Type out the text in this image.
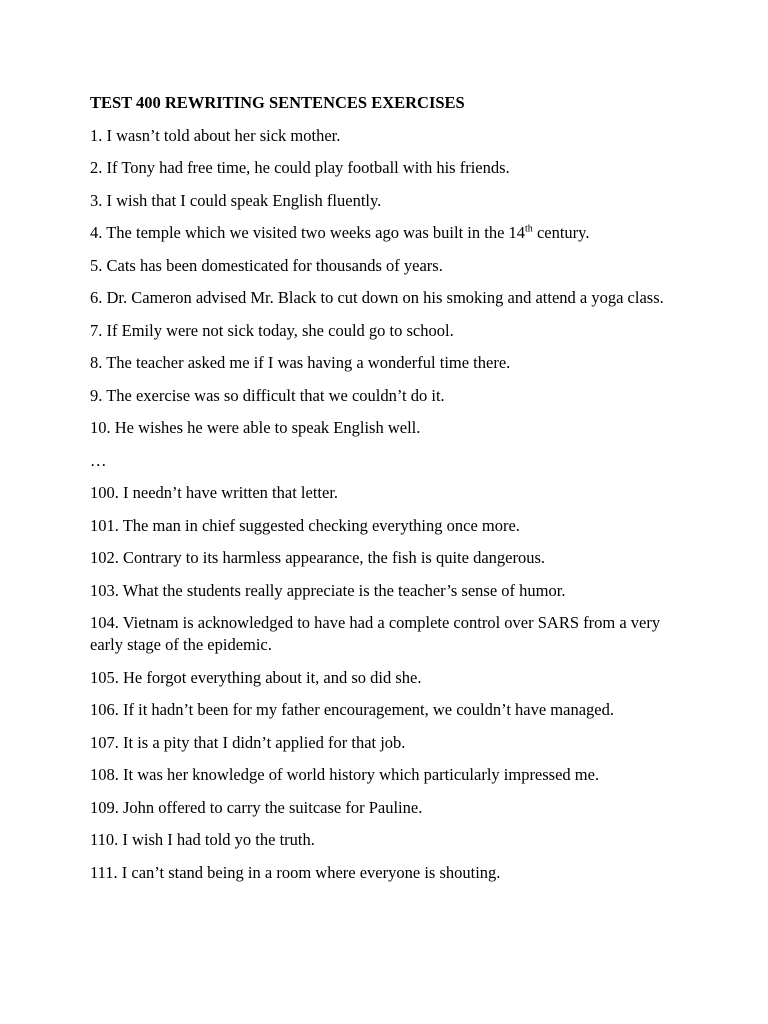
TEST 400 REWRITING SENTENCES EXERCISES

1. I wasn’t told about her sick mother.

2. If Tony had free time, he could play football with his friends.

3. I wish that I could speak English fluently.

4. The temple which we visited two weeks ago was built in the 14th century.

5. Cats has been domesticated for thousands of years.

6. Dr. Cameron advised Mr. Black to cut down on his smoking and attend a yoga class.

7. If Emily were not sick today, she could go to school.

8. The teacher asked me if I was having a wonderful time there.

9. The exercise was so difficult that we couldn’t do it.

10. He wishes he were able to speak English well.

…

100. I needn’t have written that letter.

101. The man in chief suggested checking everything once more.

102. Contrary to its harmless appearance, the fish is quite dangerous.

103. What the students really appreciate is the teacher’s sense of humor.

104. Vietnam is acknowledged to have had a complete control over SARS from a very early stage of the epidemic.

105. He forgot everything about it, and so did she.

106. If it hadn’t been for my father encouragement, we couldn’t have managed.

107. It is a pity that I didn’t applied for that job.

108. It was her knowledge of world history which particularly impressed me.

109. John offered to carry the suitcase for Pauline.

110. I wish I had told yo the truth.

111. I can’t stand being in a room where everyone is shouting.
